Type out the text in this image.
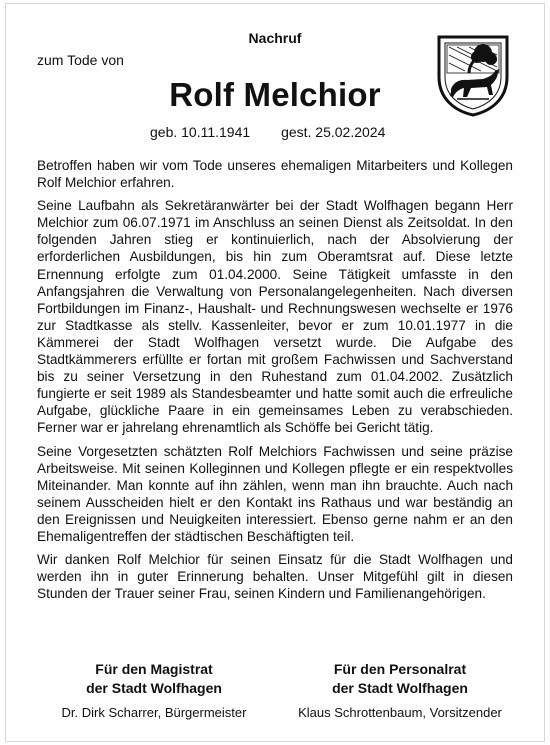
Nachruf
zum Tode von
Rolf Melchior
geb. 10.11.1941 gest. 25.02.2024

Betroffen haben wir vom Tode unseres ehemaligen Mitarbeiters und Kollegen Rolf Melchior erfahren.

Seine Laufbahn als Sekretäranwärter bei der Stadt Wolfhagen begann Herr Melchior zum 06.07.1971 im Anschluss an seinen Dienst als Zeitsoldat. In den folgenden Jahren stieg er kontinuierlich, nach der Absolvierung der erforderlichen Ausbildungen, bis hin zum Oberamtsrat auf. Diese letzte Ernennung erfolgte zum 01.04.2000. Seine Tätigkeit umfasste in den Anfangsjahren die Verwaltung von Personalangelegenheiten. Nach diversen Fortbildungen im Finanz-, Haushalt- und Rechnungswesen wechselte er 1976 zur Stadtkasse als stellv. Kassenleiter, bevor er zum 10.01.1977 in die Kämmerei der Stadt Wolfhagen versetzt wurde. Die Aufgabe des Stadtkämmerers erfüllte er fortan mit großem Fachwissen und Sachverstand bis zu seiner Versetzung in den Ruhestand zum 01.04.2002. Zusätzlich fungierte er seit 1989 als Standesbeamter und hatte somit auch die erfreuliche Aufgabe, glückliche Paare in ein gemeinsames Leben zu verabschieden. Ferner war er jahrelang ehrenamtlich als Schöffe bei Gericht tätig.

Seine Vorgesetzten schätzten Rolf Melchiors Fachwissen und seine präzise Arbeitsweise. Mit seinen Kolleginnen und Kollegen pflegte er ein respektvolles Miteinander. Man konnte auf ihn zählen, wenn man ihn brauchte. Auch nach seinem Ausscheiden hielt er den Kontakt ins Rathaus und war beständig an den Ereignissen und Neuigkeiten interessiert. Ebenso gerne nahm er an den Ehemaligentreffen der städtischen Beschäftigten teil.

Wir danken Rolf Melchior für seinen Einsatz für die Stadt Wolfhagen und werden ihn in guter Erinnerung behalten. Unser Mitgefühl gilt in diesen Stunden der Trauer seiner Frau, seinen Kindern und Familienangehörigen.

Für den Magistrat
der Stadt Wolfhagen
Dr. Dirk Scharrer, Bürgermeister
Für den Personalrat
der Stadt Wolfhagen
Klaus Schrottenbaum, Vorsitzender
